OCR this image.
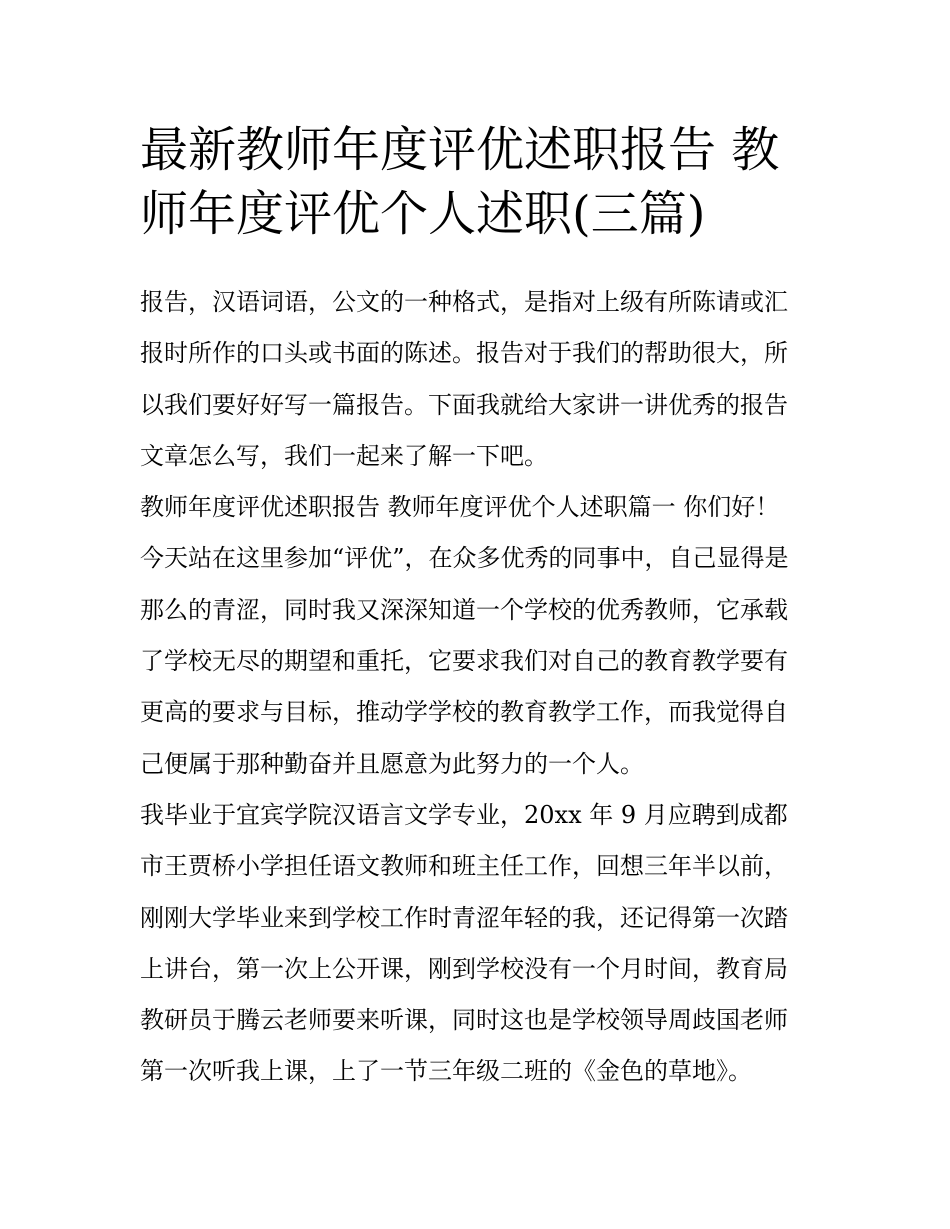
最新教师年度评优述职报告 教
师年度评优个人述职(三篇)
报告，汉语词语，公文的一种格式，是指对上级有所陈请或汇
报时所作的口头或书面的陈述。报告对于我们的帮助很大，所
以我们要好好写一篇报告。下面我就给大家讲一讲优秀的报告
文章怎么写，我们一起来了解一下吧。
教师年度评优述职报告 教师年度评优个人述职篇一 你们好！
今天站在这里参加“评优”，在众多优秀的同事中，自己显得是
那么的青涩，同时我又深深知道一个学校的优秀教师，它承载
了学校无尽的期望和重托，它要求我们对自己的教育教学要有
更高的要求与目标，推动学学校的教育教学工作，而我觉得自
己便属于那种勤奋并且愿意为此努力的一个人。
我毕业于宜宾学院汉语言文学专业，20xx 年 9 月应聘到成都
市王贾桥小学担任语文教师和班主任工作，回想三年半以前，
刚刚大学毕业来到学校工作时青涩年轻的我，还记得第一次踏
上讲台，第一次上公开课，刚到学校没有一个月时间，教育局
教研员于腾云老师要来听课，同时这也是学校领导周歧国老师
第一次听我上课，上了一节三年级二班的《金色的草地》。
